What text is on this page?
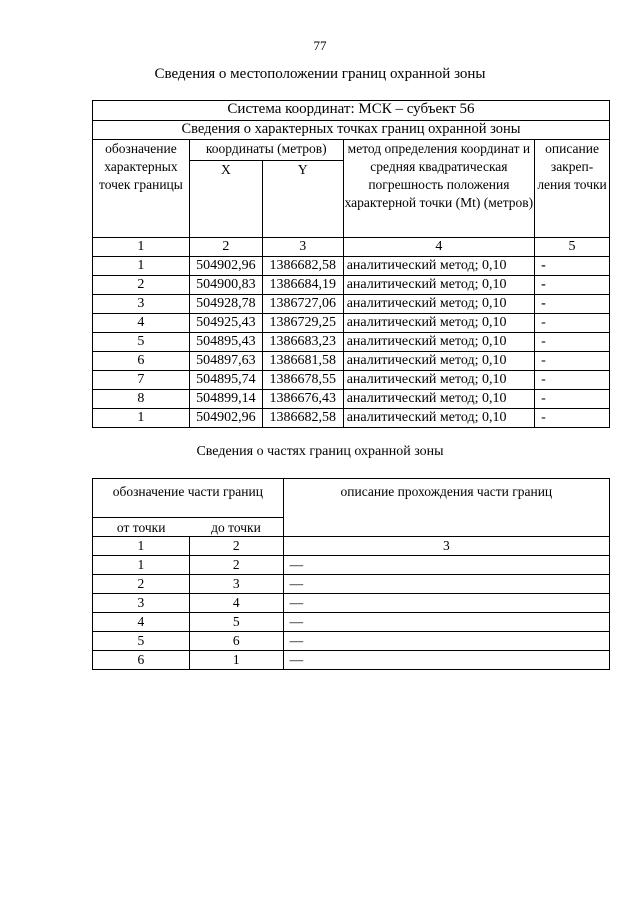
77
Сведения о местоположении границ охранной зоны
Система координат: МСК – субъект 56				
Сведения о характерных точках границ охранной зоны				
обозначение характерных точек границы	координаты (метров)		метод определения координат и средняя квадратическая погрешность положения характерной точки (Mt) (метров)	описание закреп-ления точки
	X	Y		
1	2	3	4	5
1	504902,96	1386682,58	аналитический метод; 0,10	-
2	504900,83	1386684,19	аналитический метод; 0,10	-
3	504928,78	1386727,06	аналитический метод; 0,10	-
4	504925,43	1386729,25	аналитический метод; 0,10	-
5	504895,43	1386683,23	аналитический метод; 0,10	-
6	504897,63	1386681,58	аналитический метод; 0,10	-
7	504895,74	1386678,55	аналитический метод; 0,10	-
8	504899,14	1386676,43	аналитический метод; 0,10	-
1	504902,96	1386682,58	аналитический метод; 0,10	-
Сведения о частях границ охранной зоны
обозначение части границ		описание прохождения части границ
от точки	до точки	
1	2	3
1	2	—
2	3	—
3	4	—
4	5	—
5	6	—
6	1	—
